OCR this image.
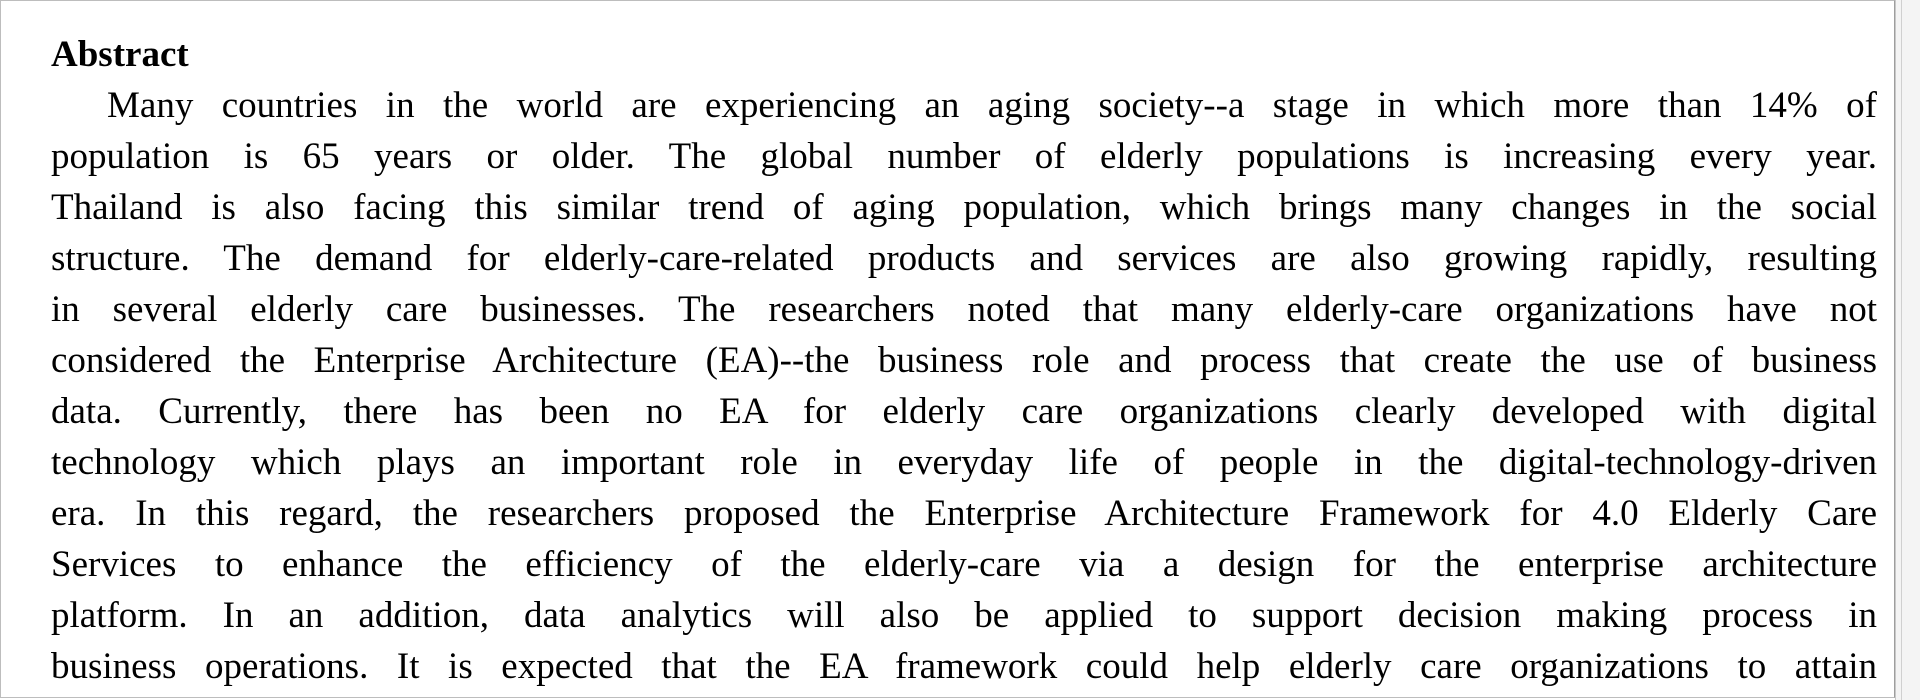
Abstract
Many countries in the world are experiencing an aging society--a stage in which more than 14% of
population is 65 years or older. The global number of elderly populations is increasing every year.
Thailand is also facing this similar trend of aging population, which brings many changes in the social
structure. The demand for elderly-care-related products and services are also growing rapidly, resulting
in several elderly care businesses. The researchers noted that many elderly-care organizations have not
considered the Enterprise Architecture (EA)--the business role and process that create the use of business
data. Currently, there has been no EA for elderly care organizations clearly developed with digital
technology which plays an important role in everyday life of people in the digital-technology-driven
era. In this regard, the researchers proposed the Enterprise Architecture Framework for 4.0 Elderly Care
Services to enhance the efficiency of the elderly-care via a design for the enterprise architecture
platform. In an addition, data analytics will also be applied to support decision making process in
business operations. It is expected that the EA framework could help elderly care organizations to attain
